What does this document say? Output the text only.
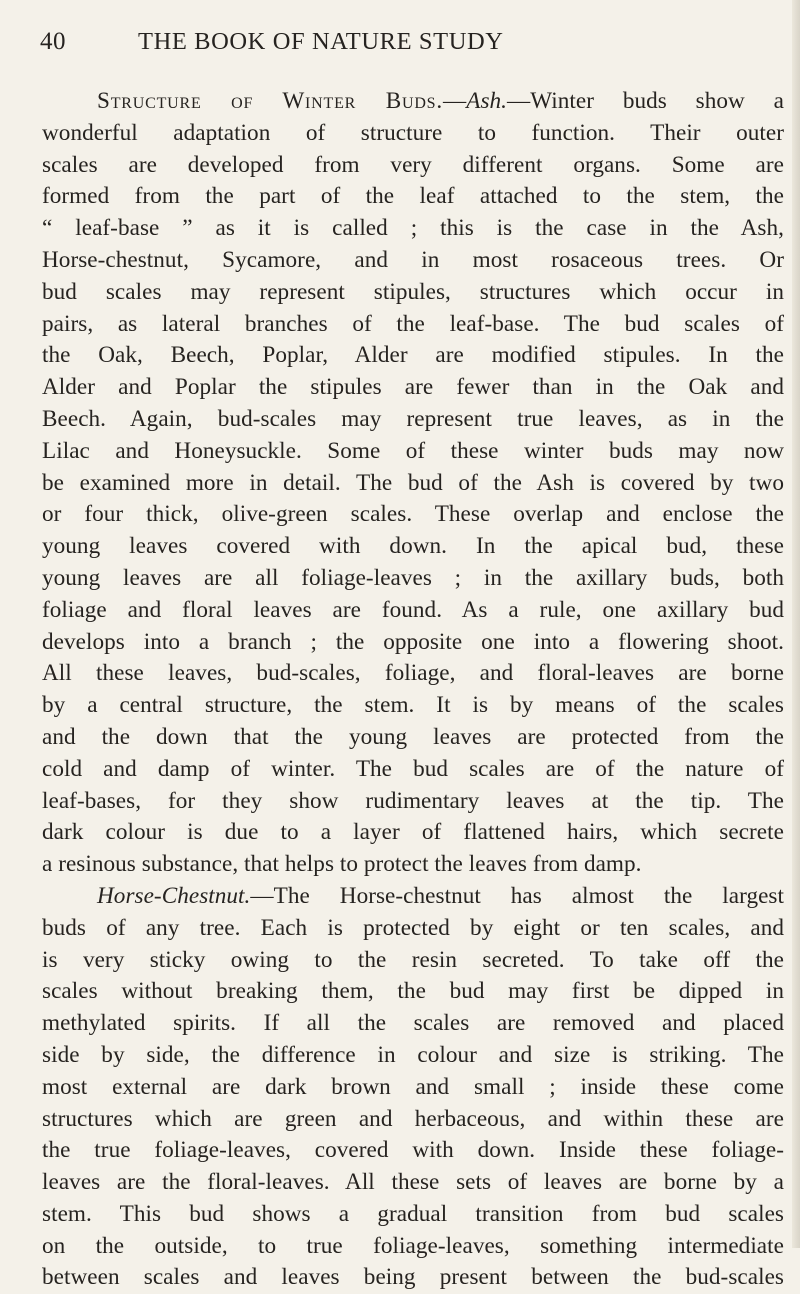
40	THE BOOK OF NATURE STUDY
Structure of Winter Buds.—Ash.—Winter buds show a
wonderful adaptation of structure to function. Their outer
scales are developed from very different organs. Some are
formed from the part of the leaf attached to the stem, the
“ leaf-base ” as it is called ; this is the case in the Ash,
Horse-chestnut, Sycamore, and in most rosaceous trees. Or
bud scales may represent stipules, structures which occur in
pairs, as lateral branches of the leaf-base. The bud scales of
the Oak, Beech, Poplar, Alder are modified stipules. In the
Alder and Poplar the stipules are fewer than in the Oak and
Beech. Again, bud-scales may represent true leaves, as in the
Lilac and Honeysuckle. Some of these winter buds may now
be examined more in detail. The bud of the Ash is covered by two
or four thick, olive-green scales. These overlap and enclose the
young leaves covered with down. In the apical bud, these
young leaves are all foliage-leaves ; in the axillary buds, both
foliage and floral leaves are found. As a rule, one axillary bud
develops into a branch ; the opposite one into a flowering shoot.
All these leaves, bud-scales, foliage, and floral-leaves are borne
by a central structure, the stem. It is by means of the scales
and the down that the young leaves are protected from the
cold and damp of winter. The bud scales are of the nature of
leaf-bases, for they show rudimentary leaves at the tip. The
dark colour is due to a layer of flattened hairs, which secrete
a resinous substance, that helps to protect the leaves from damp.
Horse-Chestnut.—The Horse-chestnut has almost the largest
buds of any tree. Each is protected by eight or ten scales, and
is very sticky owing to the resin secreted. To take off the
scales without breaking them, the bud may first be dipped in
methylated spirits. If all the scales are removed and placed
side by side, the difference in colour and size is striking. The
most external are dark brown and small ; inside these come
structures which are green and herbaceous, and within these are
the true foliage-leaves, covered with down. Inside these foliage-
leaves are the floral-leaves. All these sets of leaves are borne by a
stem. This bud shows a gradual transition from bud scales
on the outside, to true foliage-leaves, something intermediate
between scales and leaves being present between the bud-scales
